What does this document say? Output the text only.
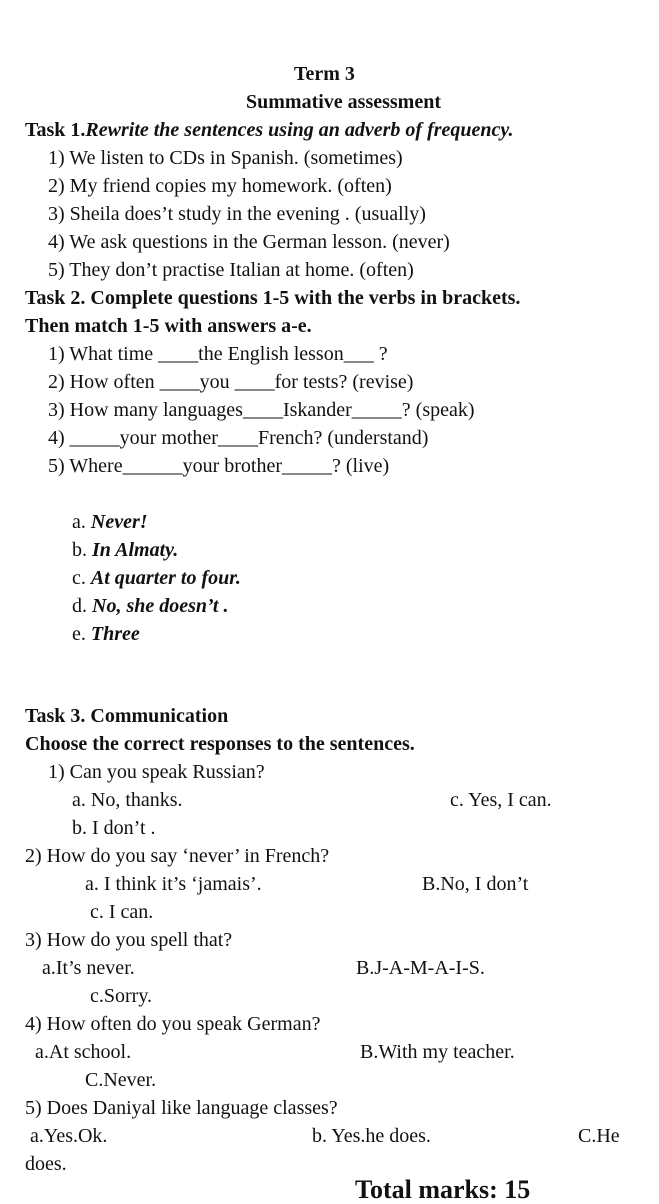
Term 3
Summative assessment
Task 1.Rewrite the sentences using an adverb of frequency.
1) We listen to CDs in Spanish. (sometimes)
2) My friend copies my homework. (often)
3) Sheila does’t study in the evening . (usually)
4) We ask questions in the German lesson. (never)
5) They don’t practise Italian at home. (often)
Task 2. Complete questions 1-5 with the verbs in brackets.
Then match 1-5 with answers a-e.
1) What time ____the English lesson___ ?
2) How often ____you ____for tests? (revise)
3) How many languages____Iskander_____? (speak)
4) _____your mother____French? (understand)
5) Where______your brother_____? (live)
a. Never!
b. In Almaty.
c. At quarter to four.
d. No, she doesn’t .
e. Three
Task 3. Communication
Choose the correct responses to the sentences.
1) Can you speak Russian?
a. No, thanks.	c. Yes, I can.
b. I don’t .
2) How do you say ‘never’ in French?
a. I think it’s ‘jamais’.	B.No, I don’t
c. I can.
3) How do you spell that?
a.It’s never.	B.J-A-M-A-I-S.
c.Sorry.
4) How often do you speak German?
a.At school.	B.With my teacher.
C.Never.
5) Does Daniyal like language classes?
a.Yes.Ok.	b. Yes.he does.	C.He
does.
Total marks: 15
